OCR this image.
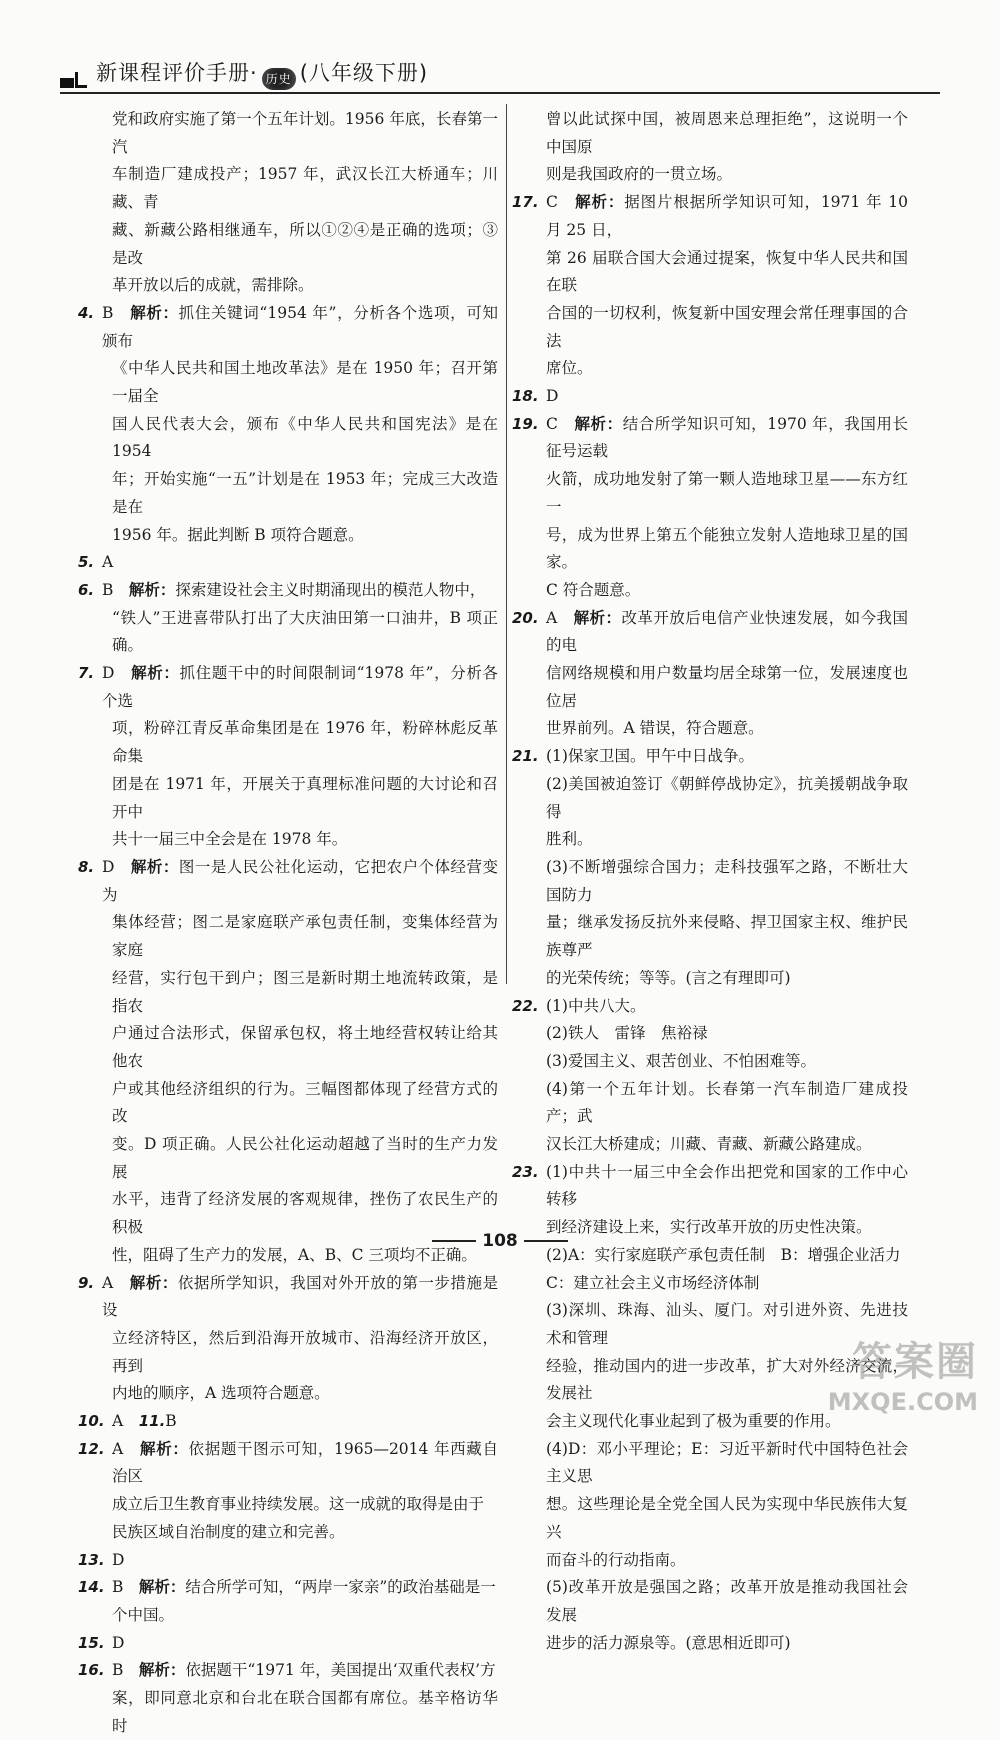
新课程评价手册· 历史 (八年级下册)
党和政府实施了第一个五年计划。1956 年底，长春第一汽
车制造厂建成投产；1957 年，武汉长江大桥通车；川藏、青
藏、新藏公路相继通车，所以①②④是正确的选项；③是改
革开放以后的成就，需排除。
4. B　 解析：抓住关键词“1954 年”，分析各个选项，可知颁布
《中华人民共和国土地改革法》是在 1950 年；召开第一届全
国人民代表大会，颁布《中华人民共和国宪法》是在 1954
年；开始实施“一五”计划是在 1953 年；完成三大改造是在
1956 年。据此判断 B 项符合题意。
5. A
6. B　 解析：探索建设社会主义时期涌现出的模范人物中，
“铁人”王进喜带队打出了大庆油田第一口油井，B 项正确。
7. D　 解析：抓住题干中的时间限制词“1978 年”，分析各个选
项，粉碎江青反革命集团是在 1976 年，粉碎林彪反革命集
团是在 1971 年，开展关于真理标准问题的大讨论和召开中
共十一届三中全会是在 1978 年。
8. D　 解析：图一是人民公社化运动，它把农户个体经营变为
集体经营；图二是家庭联产承包责任制，变集体经营为家庭
经营，实行包干到户；图三是新时期土地流转政策，是指农
户通过合法形式，保留承包权，将土地经营权转让给其他农
户或其他经济组织的行为。三幅图都体现了经营方式的改
变。D 项正确。人民公社化运动超越了当时的生产力发展
水平，违背了经济发展的客观规律，挫伤了农民生产的积极
性，阻碍了生产力的发展，A、B、C 三项均不正确。
9. A　 解析：依据所学知识，我国对外开放的第一步措施是设
立经济特区，然后到沿海开放城市、沿海经济开放区，再到
内地的顺序，A 选项符合题意。
10. A　 11.B
12. A　 解析：依据题干图示可知，1965—2014 年西藏自治区
成立后卫生教育事业持续发展。这一成就的取得是由于
民族区域自治制度的建立和完善。
13. D
14. B　 解析：结合所学可知，“两岸一家亲”的政治基础是一
个中国。
15. D
16. B　 解析：依据题干“1971 年，美国提出‘双重代表权’方
案，即同意北京和台北在联合国都有席位。基辛格访华时
曾以此试探中国，被周恩来总理拒绝”，这说明一个中国原
则是我国政府的一贯立场。
17. C　 解析：据图片根据所学知识可知，1971 年 10 月 25 日，
第 26 届联合国大会通过提案，恢复中华人民共和国在联
合国的一切权利，恢复新中国安理会常任理事国的合法
席位。
18. D
19. C　 解析：结合所学知识可知，1970 年，我国用长征号运载
火箭，成功地发射了第一颗人造地球卫星——东方红一
号，成为世界上第五个能独立发射人造地球卫星的国家。
C 符合题意。
20. A　 解析：改革开放后电信产业快速发展，如今我国的电
信网络规模和用户数量均居全球第一位，发展速度也位居
世界前列。A 错误，符合题意。
21. (1)保家卫国。甲午中日战争。
(2)美国被迫签订《朝鲜停战协定》，抗美援朝战争取得
胜利。
(3)不断增强综合国力；走科技强军之路，不断壮大国防力
量；继承发扬反抗外来侵略、捍卫国家主权、维护民族尊严
的光荣传统；等等。(言之有理即可)
22. (1)中共八大。
(2)铁人　雷锋　焦裕禄
(3)爱国主义、艰苦创业、不怕困难等。
(4)第一个五年计划。长春第一汽车制造厂建成投产；武
汉长江大桥建成；川藏、青藏、新藏公路建成。
23. (1)中共十一届三中全会作出把党和国家的工作中心转移
到经济建设上来，实行改革开放的历史性决策。
(2)A：实行家庭联产承包责任制　B：增强企业活力
C：建立社会主义市场经济体制
(3)深圳、珠海、汕头、厦门。对引进外资、先进技术和管理
经验，推动国内的进一步改革，扩大对外经济交流，发展社
会主义现代化事业起到了极为重要的作用。
(4)D：邓小平理论；E：习近平新时代中国特色社会主义思
想。这些理论是全党全国人民为实现中华民族伟大复兴
而奋斗的行动指南。
(5)改革开放是强国之路；改革开放是推动我国社会发展
进步的活力源泉等。(意思相近即可)
108
答案圈
MXQE.COM
